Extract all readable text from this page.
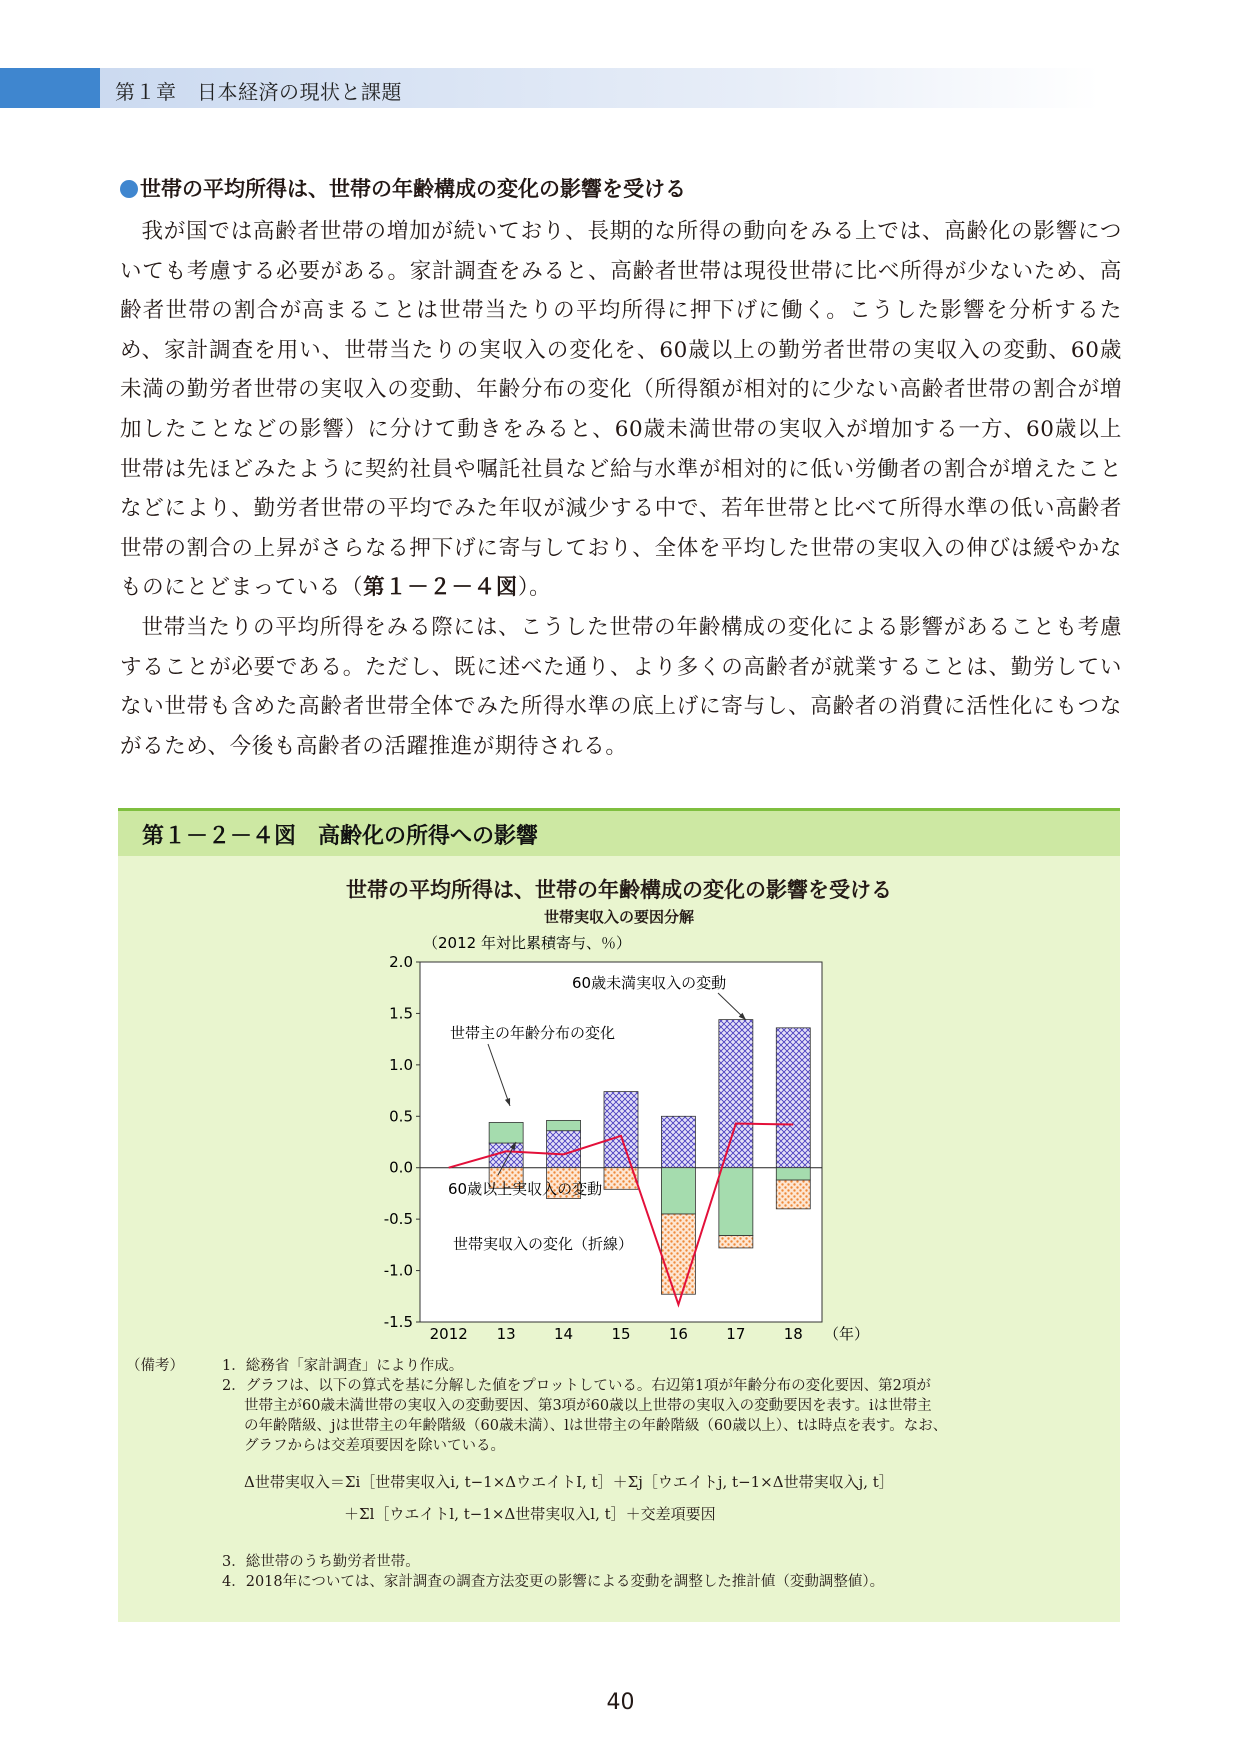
第１章　日本経済の現状と課題
世帯の平均所得は、世帯の年齢構成の変化の影響を受ける

我が国では高齢者世帯の増加が続いており、長期的な所得の動向をみる上では、高齢化の影響についても考慮する必要がある。家計調査をみると、高齢者世帯は現役世帯に比べ所得が少ないため、高齢者世帯の割合が高まることは世帯当たりの平均所得に押下げに働く。こうした影響を分析するため、家計調査を用い、世帯当たりの実収入の変化を、60歳以上の勤労者世帯の実収入の変動、60歳未満の勤労者世帯の実収入の変動、年齢分布の変化（所得額が相対的に少ない高齢者世帯の割合が増加したことなどの影響）に分けて動きをみると、60歳未満世帯の実収入が増加する一方、60歳以上世帯は先ほどみたように契約社員や嘱託社員など給与水準が相対的に低い労働者の割合が増えたことなどにより、勤労者世帯の平均でみた年収が減少する中で、若年世帯と比べて所得水準の低い高齢者世帯の割合の上昇がさらなる押下げに寄与しており、全体を平均した世帯の実収入の伸びは緩やかなものにとどまっている（第１－２－４図）。

世帯当たりの平均所得をみる際には、こうした世帯の年齢構成の変化による影響があることも考慮することが必要である。ただし、既に述べた通り、より多くの高齢者が就業することは、勤労していない世帯も含めた高齢者世帯全体でみた所得水準の底上げに寄与し、高齢者の消費に活性化にもつながるため、今後も高齢者の活躍推進が期待される。

第１－２－４図　高齢化の所得への影響
世帯の平均所得は、世帯の年齢構成の変化の影響を受ける
世帯実収入の要因分解
（2012 年対比累積寄与、％）
2.0
1.5
1.0
0.5
0.0
-0.5
-1.0
-1.5
2012 13	14	15	16	17	18 （年）
60歳未満実収入の変動
世帯主の年齢分布の変化
60歳以上実収入の変動
世帯実収入の変化（折線）
（備考）	1．総務省「家計調査」により作成。
2．グラフは、以下の算式を基に分解した値をプロットしている。右辺第1項が年齢分布の変化要因、第2項が
世帯主が60歳未満世帯の実収入の変動要因、第3項が60歳以上世帯の実収入の変動要因を表す。iは世帯主
の年齢階級、jは世帯主の年齢階級（60歳未満）、lは世帯主の年齢階級（60歳以上）、tは時点を表す。なお、
グラフからは交差項要因を除いている。
Δ世帯実収入＝Σi［世帯実収入i, t−1×ΔウエイトI, t］＋Σj［ウエイトj, t−1×Δ世帯実収入j, t］
＋Σl［ウエイトl, t−1×Δ世帯実収入l, t］＋交差項要因
3．総世帯のうち勤労者世帯。
4．2018年については、家計調査の調査方法変更の影響による変動を調整した推計値（変動調整値）。
40
